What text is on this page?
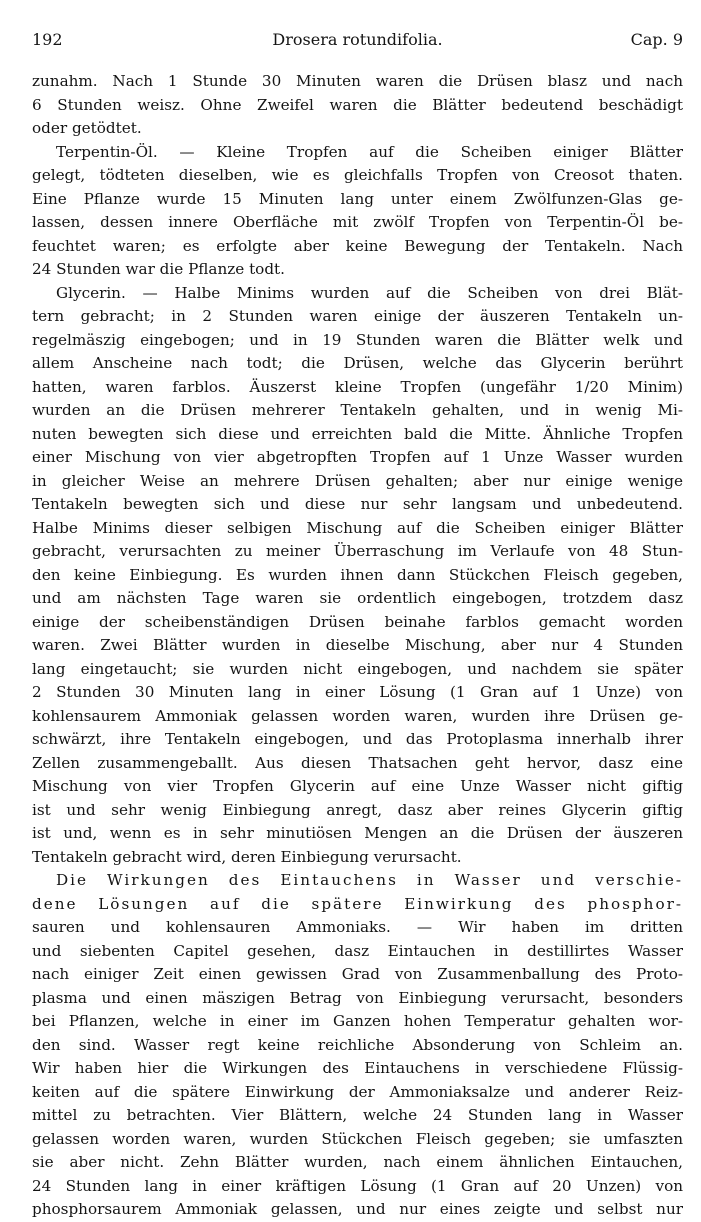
192	Drosera rotundifolia.	Cap. 9
zunahm. Nach 1 Stunde 30 Minuten waren die Drüsen blasz und nach
6 Stunden weisz. Ohne Zweifel waren die Blätter bedeutend beschädigt
oder getödtet.
Terpentin-Öl. — Kleine Tropfen auf die Scheiben einiger Blätter
gelegt, tödteten dieselben, wie es gleichfalls Tropfen von Creosot thaten.
Eine Pflanze wurde 15 Minuten lang unter einem Zwölfunzen-Glas ge-
lassen, dessen innere Oberfläche mit zwölf Tropfen von Terpentin-Öl be-
feuchtet waren; es erfolgte aber keine Bewegung der Tentakeln. Nach
24 Stunden war die Pflanze todt.
Glycerin. — Halbe Minims wurden auf die Scheiben von drei Blät-
tern gebracht; in 2 Stunden waren einige der äuszeren Tentakeln un-
regelmäszig eingebogen; und in 19 Stunden waren die Blätter welk und
allem Anscheine nach todt; die Drüsen, welche das Glycerin berührt
hatten, waren farblos. Äuszerst kleine Tropfen (ungefähr 1/20 Minim)
wurden an die Drüsen mehrerer Tentakeln gehalten, und in wenig Mi-
nuten bewegten sich diese und erreichten bald die Mitte. Ähnliche Tropfen
einer Mischung von vier abgetropften Tropfen auf 1 Unze Wasser wurden
in gleicher Weise an mehrere Drüsen gehalten; aber nur einige wenige
Tentakeln bewegten sich und diese nur sehr langsam und unbedeutend.
Halbe Minims dieser selbigen Mischung auf die Scheiben einiger Blätter
gebracht, verursachten zu meiner Überraschung im Verlaufe von 48 Stun-
den keine Einbiegung. Es wurden ihnen dann Stückchen Fleisch gegeben,
und am nächsten Tage waren sie ordentlich eingebogen, trotzdem dasz
einige der scheibenständigen Drüsen beinahe farblos gemacht worden
waren. Zwei Blätter wurden in dieselbe Mischung, aber nur 4 Stunden
lang eingetaucht; sie wurden nicht eingebogen, und nachdem sie später
2 Stunden 30 Minuten lang in einer Lösung (1 Gran auf 1 Unze) von
kohlensaurem Ammoniak gelassen worden waren, wurden ihre Drüsen ge-
schwärzt, ihre Tentakeln eingebogen, und das Protoplasma innerhalb ihrer
Zellen zusammengeballt. Aus diesen Thatsachen geht hervor, dasz eine
Mischung von vier Tropfen Glycerin auf eine Unze Wasser nicht giftig
ist und sehr wenig Einbiegung anregt, dasz aber reines Glycerin giftig
ist und, wenn es in sehr minutiösen Mengen an die Drüsen der äuszeren
Tentakeln gebracht wird, deren Einbiegung verursacht.
Die Wirkungen des Eintauchens in Wasser und verschie-
dene Lösungen auf die spätere Einwirkung des phosphor-
sauren und kohlensauren Ammoniaks. — Wir haben im dritten
und siebenten Capitel gesehen, dasz Eintauchen in destillirtes Wasser
nach einiger Zeit einen gewissen Grad von Zusammenballung des Proto-
plasma und einen mäszigen Betrag von Einbiegung verursacht, besonders
bei Pflanzen, welche in einer im Ganzen hohen Temperatur gehalten wor-
den sind. Wasser regt keine reichliche Absonderung von Schleim an.
Wir haben hier die Wirkungen des Eintauchens in verschiedene Flüssig-
keiten auf die spätere Einwirkung der Ammoniaksalze und anderer Reiz-
mittel zu betrachten. Vier Blättern, welche 24 Stunden lang in Wasser
gelassen worden waren, wurden Stückchen Fleisch gegeben; sie umfaszten
sie aber nicht. Zehn Blätter wurden, nach einem ähnlichen Eintauchen,
24 Stunden lang in einer kräftigen Lösung (1 Gran auf 20 Unzen) von
phosphorsaurem Ammoniak gelassen, und nur eines zeigte und selbst nur
